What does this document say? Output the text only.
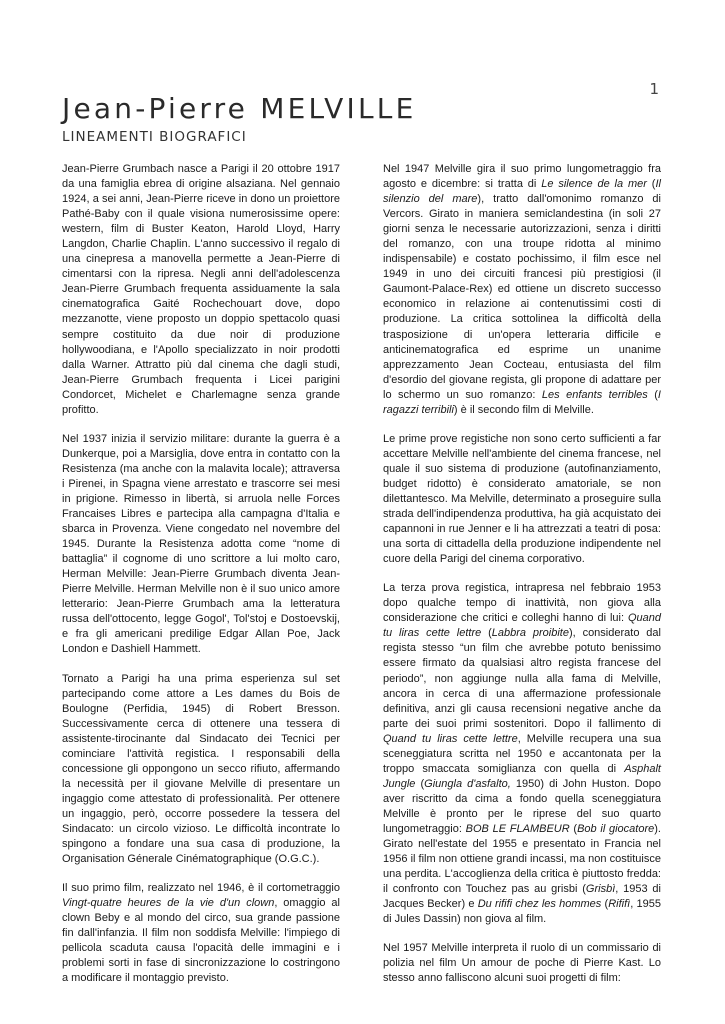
1
Jean-Pierre MELVILLE
LINEAMENTI BIOGRAFICI

Jean-Pierre Grumbach nasce a Parigi il 20 ottobre 1917 da una famiglia ebrea di origine alsaziana. Nel gennaio 1924, a sei anni, Jean-Pierre riceve in dono un proiettore Pathé-Baby con il quale visiona numerosissime opere: western, film di Buster Keaton, Harold Lloyd, Harry Langdon, Charlie Chaplin. L'anno successivo il regalo di una cinepresa a manovella permette a Jean-Pierre di cimentarsi con la ripresa. Negli anni dell'adolescenza Jean-Pierre Grumbach frequenta assiduamente la sala cinematografica Gaité Rochechouart dove, dopo mezzanotte, viene proposto un doppio spettacolo quasi sempre costituito da due noir di produzione hollywoodiana, e l'Apollo specializzato in noir prodotti dalla Warner. Attratto più dal cinema che dagli studi, Jean-Pierre Grumbach frequenta i Licei parigini Condorcet, Michelet e Charlemagne senza grande profitto.

Nel 1937 inizia il servizio militare: durante la guerra è a Dunkerque, poi a Marsiglia, dove entra in contatto con la Resistenza (ma anche con la malavita locale); attraversa i Pirenei, in Spagna viene arrestato e trascorre sei mesi in prigione. Rimesso in libertà, si arruola nelle Forces Francaises Libres e partecipa alla campagna d'Italia e sbarca in Provenza. Viene congedato nel novembre del 1945. Durante la Resistenza adotta come “nome di battaglia” il cognome di uno scrittore a lui molto caro, Herman Melville: Jean-Pierre Grumbach diventa Jean-Pierre Melville. Herman Melville non è il suo unico amore letterario: Jean-Pierre Grumbach ama la letteratura russa dell'ottocento, legge Gogol', Tol'stoj e Dostoevskij, e fra gli americani predilige Edgar Allan Poe, Jack London e Dashiell Hammett.

Tornato a Parigi ha una prima esperienza sul set partecipando come attore a Les dames du Bois de Boulogne (Perfidia, 1945) di Robert Bresson. Successivamente cerca di ottenere una tessera di assistente-tirocinante dal Sindacato dei Tecnici per cominciare l'attività registica. I responsabili della concessione gli oppongono un secco rifiuto, affermando la necessità per il giovane Melville di presentare un ingaggio come attestato di professionalità. Per ottenere un ingaggio, però, occorre possedere la tessera del Sindacato: un circolo vizioso. Le difficoltà incontrate lo spingono a fondare una sua casa di produzione, la Organisation Génerale Cinématographique (O.G.C.).

Il suo primo film, realizzato nel 1946, è il cortometraggio Vingt-quatre heures de la vie d'un clown, omaggio al clown Beby e al mondo del circo, sua grande passione fin dall'infanzia. Il film non soddisfa Melville: l'impiego di pellicola scaduta causa l'opacità delle immagini e i problemi sorti in fase di sincronizzazione lo costringono a modificare il montaggio previsto.

Nel 1947 Melville gira il suo primo lungometraggio fra agosto e dicembre: si tratta di Le silence de la mer (Il silenzio del mare), tratto dall'omonimo romanzo di Vercors. Girato in maniera semiclandestina (in soli 27 giorni senza le necessarie autorizzazioni, senza i diritti del romanzo, con una troupe ridotta al minimo indispensabile) e costato pochissimo, il film esce nel 1949 in uno dei circuiti francesi più prestigiosi (il Gaumont-Palace-Rex) ed ottiene un discreto successo economico in relazione ai contenutissimi costi di produzione. La critica sottolinea la difficoltà della trasposizione di un'opera letteraria difficile e anticinematografica ed esprime un unanime apprezzamento Jean Cocteau, entusiasta del film d'esordio del giovane regista, gli propone di adattare per lo schermo un suo romanzo: Les enfants terribles (I ragazzi terribili) è il secondo film di Melville.

Le prime prove registiche non sono certo sufficienti a far accettare Melville nell'ambiente del cinema francese, nel quale il suo sistema di produzione (autofinanziamento, budget ridotto) è considerato amatoriale, se non dilettantesco. Ma Melville, determinato a proseguire sulla strada dell'indipendenza produttiva, ha già acquistato dei capannoni in rue Jenner e li ha attrezzati a teatri di posa: una sorta di cittadella della produzione indipendente nel cuore della Parigi del cinema corporativo.

La terza prova registica, intrapresa nel febbraio 1953 dopo qualche tempo di inattività, non giova alla considerazione che critici e colleghi hanno di lui: Quand tu liras cette lettre (Labbra proibite), considerato dal regista stesso “un film che avrebbe potuto benissimo essere firmato da qualsiasi altro regista francese del periodo”, non aggiunge nulla alla fama di Melville, ancora in cerca di una affermazione professionale definitiva, anzi gli causa recensioni negative anche da parte dei suoi primi sostenitori. Dopo il fallimento di Quand tu liras cette lettre, Melville recupera una sua sceneggiatura scritta nel 1950 e accantonata per la troppo smaccata somiglianza con quella di Asphalt Jungle (Giungla d'asfalto, 1950) di John Huston. Dopo aver riscritto da cima a fondo quella sceneggiatura Melville è pronto per le riprese del suo quarto lungometraggio: BOB LE FLAMBEUR (Bob il giocatore). Girato nell'estate del 1955 e presentato in Francia nel 1956 il film non ottiene grandi incassi, ma non costituisce una perdita. L'accoglienza della critica è piuttosto fredda: il confronto con Touchez pas au grisbi (Grisbì, 1953 di Jacques Becker) e Du rififi chez les hommes (Rififì, 1955 di Jules Dassin) non giova al film.

Nel 1957 Melville interpreta il ruolo di un commissario di polizia nel film Un amour de poche di Pierre Kast. Lo stesso anno falliscono alcuni suoi progetti di film:
